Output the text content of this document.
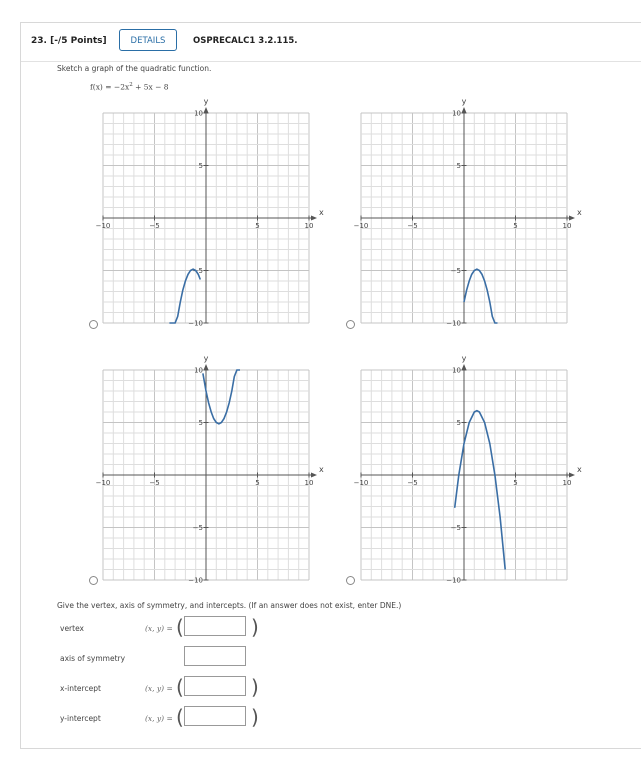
23. [-/5 Points]	DETAILS	OSPRECALC1 3.2.115.
Sketch a graph of the quadratic function.
$f(x) = -2x^2 + 5x - 8$
−10	−5	5	10
10
5
−5
−10
x
y
−10	−5	5	10
10
5
−5
−10
x
y
−10	−5	5	10
10
5
−5
−10
x
y
−10	−5	5	10
10
5
−5
−10
x
y
Give the vertex, axis of symmetry, and intercepts. (If an answer does not exist, enter DNE.)
vertex	(x, y) = (	)
axis of symmetry
x-intercept	(x, y) = (	)
y-intercept	(x, y) = (	)
